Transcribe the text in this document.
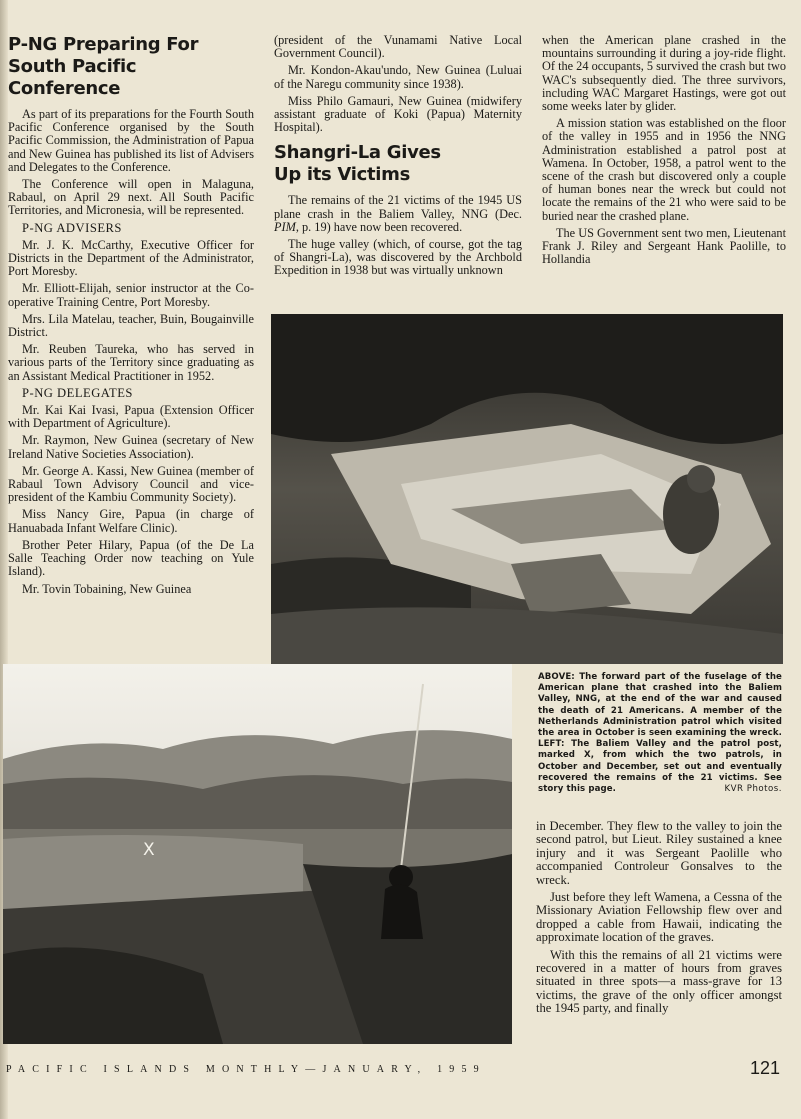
P-NG Preparing For
South Pacific Conference

As part of its preparations for the Fourth South Pacific Conference organised by the South Pacific Commission, the Administration of Papua and New Guinea has published its list of Advisers and Delegates to the Conference.

The Conference will open in Malaguna, Rabaul, on April 29 next. All South Pacific Territories, and Micronesia, will be represented.

P-NG ADVISERS

Mr. J. K. McCarthy, Executive Officer for Districts in the Department of the Administrator, Port Moresby.

Mr. Elliott-Elijah, senior instructor at the Co-operative Training Centre, Port Moresby.

Mrs. Lila Matelau, teacher, Buin, Bougainville District.

Mr. Reuben Taureka, who has served in various parts of the Territory since graduating as an Assistant Medical Practitioner in 1952.

P-NG DELEGATES

Mr. Kai Kai Ivasi, Papua (Extension Officer with Department of Agriculture).

Mr. Raymon, New Guinea (secretary of New Ireland Native Societies Association).

Mr. George A. Kassi, New Guinea (member of Rabaul Town Advisory Council and vice-president of the Kambiu Community Society).

Miss Nancy Gire, Papua (in charge of Hanuabada Infant Welfare Clinic).

Brother Peter Hilary, Papua (of the De La Salle Teaching Order now teaching on Yule Island).

Mr. Tovin Tobaining, New Guinea

(president of the Vunamami Native Local Government Council).

Mr. Kondon-Akau'undo, New Guinea (Luluai of the Naregu community since 1938).

Miss Philo Gamauri, New Guinea (midwifery assistant graduate of Koki (Papua) Maternity Hospital).

Shangri-La Gives
Up its Victims

The remains of the 21 victims of the 1945 US plane crash in the Baliem Valley, NNG (Dec. PIM, p. 19) have now been recovered.

The huge valley (which, of course, got the tag of Shangri-La), was discovered by the Archbold Expedition in 1938 but was virtually unknown

when the American plane crashed in the mountains surrounding it during a joy-ride flight. Of the 24 occupants, 5 survived the crash but two WAC's subsequently died. The three survivors, including WAC Margaret Hastings, were got out some weeks later by glider.

A mission station was established on the floor of the valley in 1955 and in 1956 the NNG Administration established a patrol post at Wamena. In October, 1958, a patrol went to the scene of the crash but discovered only a couple of human bones near the wreck but could not locate the remains of the 21 who were said to be buried near the crashed plane.

The US Government sent two men, Lieutenant Frank J. Riley and Sergeant Hank Paolille, to Hollandia

X
ABOVE: The forward part of the fuselage of the American plane that crashed into the Baliem Valley, NNG, at the end of the war and caused the death of 21 Americans. A member of the Netherlands Administration patrol which visited the area in October is seen examining the wreck. LEFT: The Baliem Valley and the patrol post, marked X, from which the two patrols, in October and December, set out and eventually recovered the remains of the 21 victims. See story this page.	KVR Photos.

in December. They flew to the valley to join the second patrol, but Lieut. Riley sustained a knee injury and it was Sergeant Paolille who accompanied Controleur Gonsalves to the wreck.

Just before they left Wamena, a Cessna of the Missionary Aviation Fellowship flew over and dropped a cable from Hawaii, indicating the approximate location of the graves.

With this the remains of all 21 victims were recovered in a matter of hours from graves situated in three spots—a mass-grave for 13 victims, the grave of the only officer amongst the 1945 party, and finally

PACIFIC ISLANDS MONTHLY—JANUARY, 1959	121
